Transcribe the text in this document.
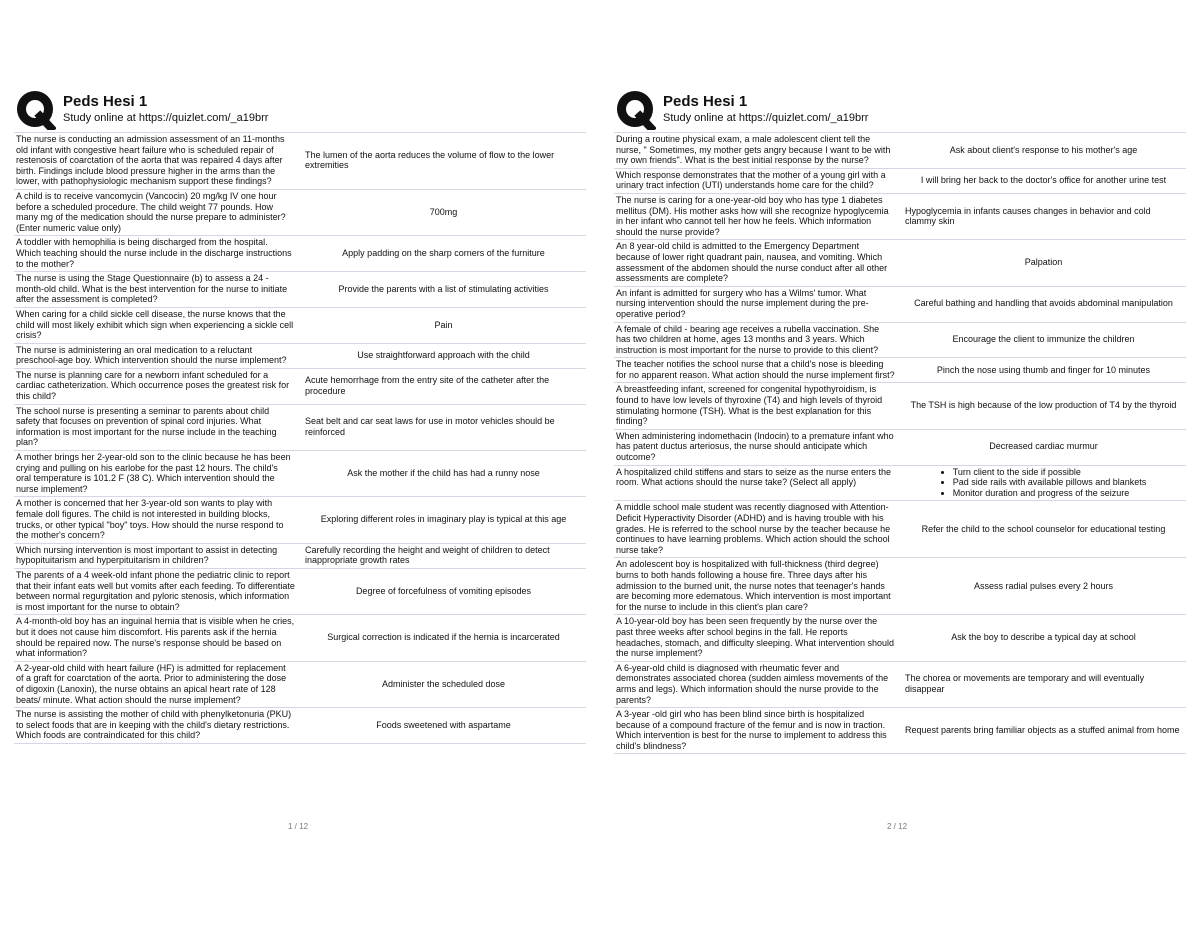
Peds Hesi 1
Study online at https://quizlet.com/_a19brr
The nurse is conducting an admission assessment of an 11-months old infant with congestive heart failure who is scheduled repair of restenosis of coarctation of the aorta that was repaired 4 days after birth. Findings include blood pressure higher in the arms than the lower, with pathophysiologic mechanism support these findings?
The lumen of the aorta reduces the volume of flow to the lower extremities
A child is to receive vancomycin (Vancocin) 20 mg/kg IV one hour before a scheduled procedure. The child weight 77 pounds. How many mg of the medication should the nurse prepare to administer? (Enter numeric value only)
700mg
A toddler with hemophilia is being discharged from the hospital. Which teaching should the nurse include in the discharge instructions to the mother?
Apply padding on the sharp corners of the furniture
The nurse is using the Stage Questionnaire (b) to assess a 24 - month-old child. What is the best intervention for the nurse to initiate after the assessment is completed?
Provide the parents with a list of stimulating activities
When caring for a child sickle cell disease, the nurse knows that the child will most likely exhibit which sign when experiencing a sickle cell crisis?
Pain
The nurse is administering an oral medication to a reluctant preschool-age boy. Which intervention should the nurse implement?
Use straightforward approach with the child
The nurse is planning care for a newborn infant scheduled for a cardiac catheterization. Which occurrence poses the greatest risk for this child?
Acute hemorrhage from the entry site of the catheter after the procedure
The school nurse is presenting a seminar to parents about child safety that focuses on prevention of spinal cord injuries. What information is most important for the nurse include in the teaching plan?
Seat belt and car seat laws for use in motor vehicles should be reinforced
A mother brings her 2-year-old son to the clinic because he has been crying and pulling on his earlobe for the past 12 hours. The child's oral temperature is 101.2 F (38 C). Which intervention should the nurse implement?
Ask the mother if the child has had a runny nose
A mother is concerned that her 3-year-old son wants to play with female doll figures. The child is not interested in building blocks, trucks, or other typical "boy" toys. How should the nurse respond to the mother's concern?
Exploring different roles in imaginary play is typical at this age
Which nursing intervention is most important to assist in detecting hypopituitarism and hyperpituitarism in children?
Carefully recording the height and weight of children to detect inappropriate growth rates
The parents of a 4 week-old infant phone the pediatric clinic to report that their infant eats well but vomits after each feeding. To differentiate between normal regurgitation and pyloric stenosis, which information is most important for the nurse to obtain?
Degree of forcefulness of vomiting episodes
A 4-month-old boy has an inguinal hernia that is visible when he cries, but it does not cause him discomfort. His parents ask if the hernia should be repaired now. The nurse's response should be based on what information?
Surgical correction is indicated if the hernia is incarcerated
A 2-year-old child with heart failure (HF) is admitted for replacement of a graft for coarctation of the aorta. Prior to administering the dose of digoxin (Lanoxin), the nurse obtains an apical heart rate of 128 beats/ minute. What action should the nurse implement?
Administer the scheduled dose
The nurse is assisting the mother of child with phenylketonuria (PKU) to select foods that are in keeping with the child's dietary restrictions. Which foods are contraindicated for this child?
Foods sweetened with aspartame
Peds Hesi 1
Study online at https://quizlet.com/_a19brr
During a routine physical exam, a male adolescent client tell the nurse, " Sometimes, my mother gets angry because I want to be with my own friends". What is the best initial response by the nurse?
Ask about client's response to his mother's age
Which response demonstrates that the mother of a young girl with a urinary tract infection (UTI) understands home care for the child?
I will bring her back to the doctor's office for another urine test
The nurse is caring for a one-year-old boy who has type 1 diabetes mellitus (DM). His mother asks how will she recognize hypoglycemia in her infant who cannot tell her how he feels. Which information should the nurse provide?
Hypoglycemia in infants causes changes in behavior and cold clammy skin
An 8 year-old child is admitted to the Emergency Department because of lower right quadrant pain, nausea, and vomiting. Which assessment of the abdomen should the nurse conduct after all other assessments are complete?
Palpation
An infant is admitted for surgery who has a Wilms' tumor. What nursing intervention should the nurse implement during the pre-operative period?
Careful bathing and handling that avoids abdominal manipulation
A female of child - bearing age receives a rubella vaccination. She has two children at home, ages 13 months and 3 years. Which instruction is most important for the nurse to provide to this client?
Encourage the client to immunize the children
The teacher notifies the school nurse that a child's nose is bleeding for no apparent reason. What action should the nurse implement first?
Pinch the nose using thumb and finger for 10 minutes
A breastfeeding infant, screened for congenital hypothyroidism, is found to have low levels of thyroxine (T4) and high levels of thyroid stimulating hormone (TSH). What is the best explanation for this finding?
The TSH is high because of the low production of T4 by the thyroid
When administering indomethacin (Indocin) to a premature infant who has patent ductus arteriosus, the nurse should anticipate which outcome?
Decreased cardiac murmur
A hospitalized child stiffens and stars to seize as the nurse enters the room. What actions should the nurse take? (Select all apply)
• Turn client to the side if possible
• Pad side rails with available pillows and blankets
• Monitor duration and progress of the seizure
A middle school male student was recently diagnosed with Attention-Deficit Hyperactivity Disorder (ADHD) and is having trouble with his grades. He is referred to the school nurse by the teacher because he continues to have learning problems. Which action should the school nurse take?
Refer the child to the school counselor for educational testing
An adolescent boy is hospitalized with full-thickness (third degree) burns to both hands following a house fire. Three days after his admission to the burned unit, the nurse notes that teenager's hands are becoming more edematous. Which intervention is most important for the nurse to include in this client's plan care?
Assess radial pulses every 2 hours
A 10-year-old boy has been seen frequently by the nurse over the past three weeks after school begins in the fall. He reports headaches, stomach, and difficulty sleeping. What intervention should the nurse implement?
Ask the boy to describe a typical day at school
A 6-year-old child is diagnosed with rheumatic fever and demonstrates associated chorea (sudden aimless movements of the arms and legs). Which information should the nurse provide to the parents?
The chorea or movements are temporary and will eventually disappear
A 3-year -old girl who has been blind since birth is hospitalized because of a compound fracture of the femur and is now in traction. Which intervention is best for the nurse to implement to address this child's blindness?
Request parents bring familiar objects as a stuffed animal from home
1 / 12	2 / 12
